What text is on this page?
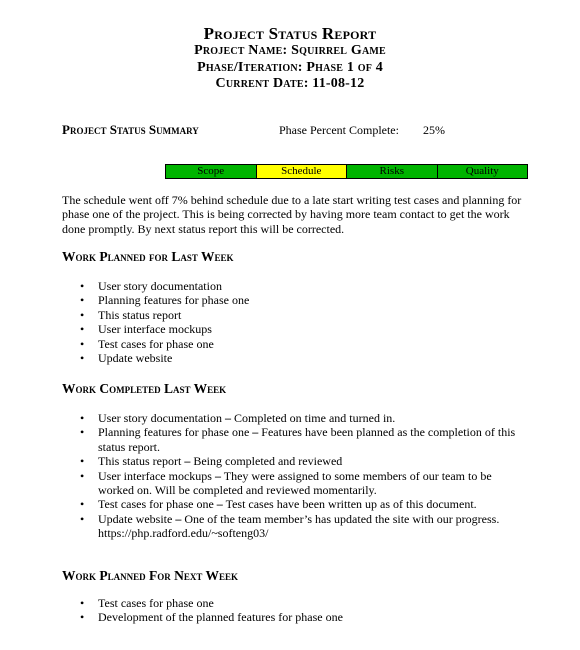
Project Status Report
Project Name: Squirrel Game
Phase/Iteration: Phase 1 of 4
Current Date: 11-08-12
Project Status Summary	Phase Percent Complete: 25%
Scope	Schedule	Risks	Quality
The schedule went off 7% behind schedule due to a late start writing test cases and planning for phase one of the project. This is being corrected by having more team contact to get the work done promptly. By next status report this will be corrected.
Work Planned for Last Week
• User story documentation
• Planning features for phase one
• This status report
• User interface mockups
• Test cases for phase one
• Update website
Work Completed Last Week
• User story documentation – Completed on time and turned in.
• Planning features for phase one – Features have been planned as the completion of this status report.
• This status report – Being completed and reviewed
• User interface mockups – They were assigned to some members of our team to be worked on. Will be completed and reviewed momentarily.
• Test cases for phase one – Test cases have been written up as of this document.
• Update website – One of the team member’s has updated the site with our progress. https://php.radford.edu/~softeng03/
Work Planned For Next Week
• Test cases for phase one
• Development of the planned features for phase one
